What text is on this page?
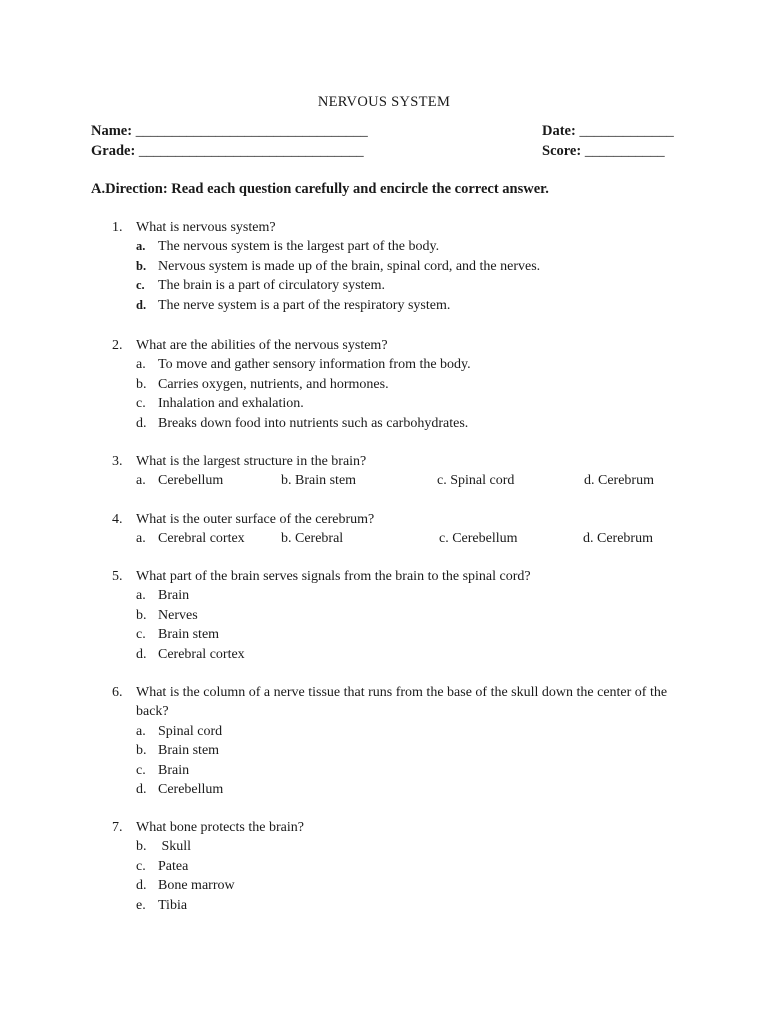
NERVOUS SYSTEM
Name: ________________________________	Date: _____________
Grade: _______________________________	Score: ___________
A.Direction: Read each question carefully and encircle the correct answer.
1. What is nervous system?
a. The nervous system is the largest part of the body.
b. Nervous system is made up of the brain, spinal cord, and the nerves.
c. The brain is a part of circulatory system.
d. The nerve system is a part of the respiratory system.
2. What are the abilities of the nervous system?
a. To move and gather sensory information from the body.
b. Carries oxygen, nutrients, and hormones.
c. Inhalation and exhalation.
d. Breaks down food into nutrients such as carbohydrates.
3. What is the largest structure in the brain?
a. Cerebellum	b. Brain stem	c. Spinal cord	d. Cerebrum
4. What is the outer surface of the cerebrum?
a. Cerebral cortex	b. Cerebral	c. Cerebellum	d. Cerebrum
5. What part of the brain serves signals from the brain to the spinal cord?
a. Brain
b. Nerves
c. Brain stem
d. Cerebral cortex
6. What is the column of a nerve tissue that runs from the base of the skull down the center of the back?
a. Spinal cord
b. Brain stem
c. Brain
d. Cerebellum
7. What bone protects the brain?
b. Skull
c. Patea
d. Bone marrow
e. Tibia
